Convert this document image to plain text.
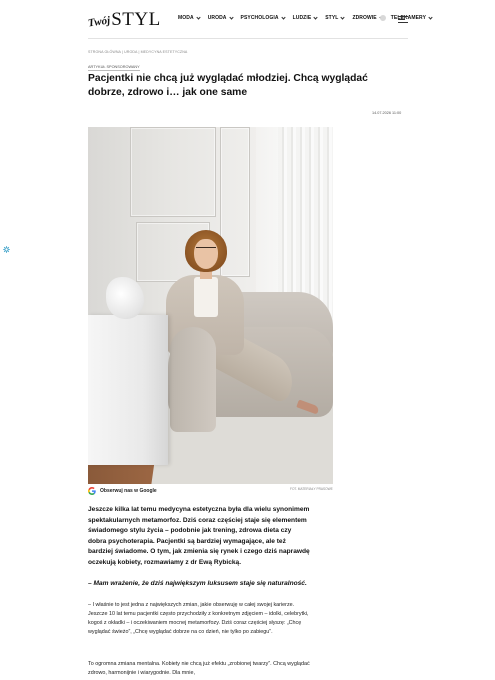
Twój STYL	MODA	URODA	PSYCHOLOGIA	LUDZIE	STYL	ZDROWIE	TELEKAMERY
STRONA GŁÓWNA | URODA | MEDYCYNA ESTETYCZNA
ARTYKUŁ SPONSOROWANY
Pacjentki nie chcą już wyglądać młodziej. Chcą wyglądać dobrze, zdrowo i… jak one same
14.07.2026 11:00
Obserwuj nas w Google	FOT. MATERIAŁY PRASOWE

Jeszcze kilka lat temu medycyna estetyczna była dla wielu synonimem spektakularnych metamorfoz. Dziś coraz częściej staje się elementem świadomego stylu życia – podobnie jak trening, zdrowa dieta czy dobra psychoterapia. Pacjentki są bardziej wymagające, ale też bardziej świadome. O tym, jak zmienia się rynek i czego dziś naprawdę oczekują kobiety, rozmawiamy z dr Ewą Rybicką.

– Mam wrażenie, że dziś największym luksusem staje się naturalność.

– I właśnie to jest jedna z największych zmian, jakie obserwuję w całej swojej karierze. Jeszcze 10 lat temu pacjentki często przychodziły z konkretnym zdjęciem – idolki, celebrytki, kogoś z okładki – i oczekiwaniem mocnej metamorfozy. Dziś coraz częściej słyszę: „Chcę wyglądać świeżo”, „Chcę wyglądać dobrze na co dzień, nie tylko po zabiegu”.

To ogromna zmiana mentalna. Kobiety nie chcą już efektu „zrobionej twarzy”. Chcą wyglądać zdrowo, harmonijnie i wiarygodnie. Dla mnie,
